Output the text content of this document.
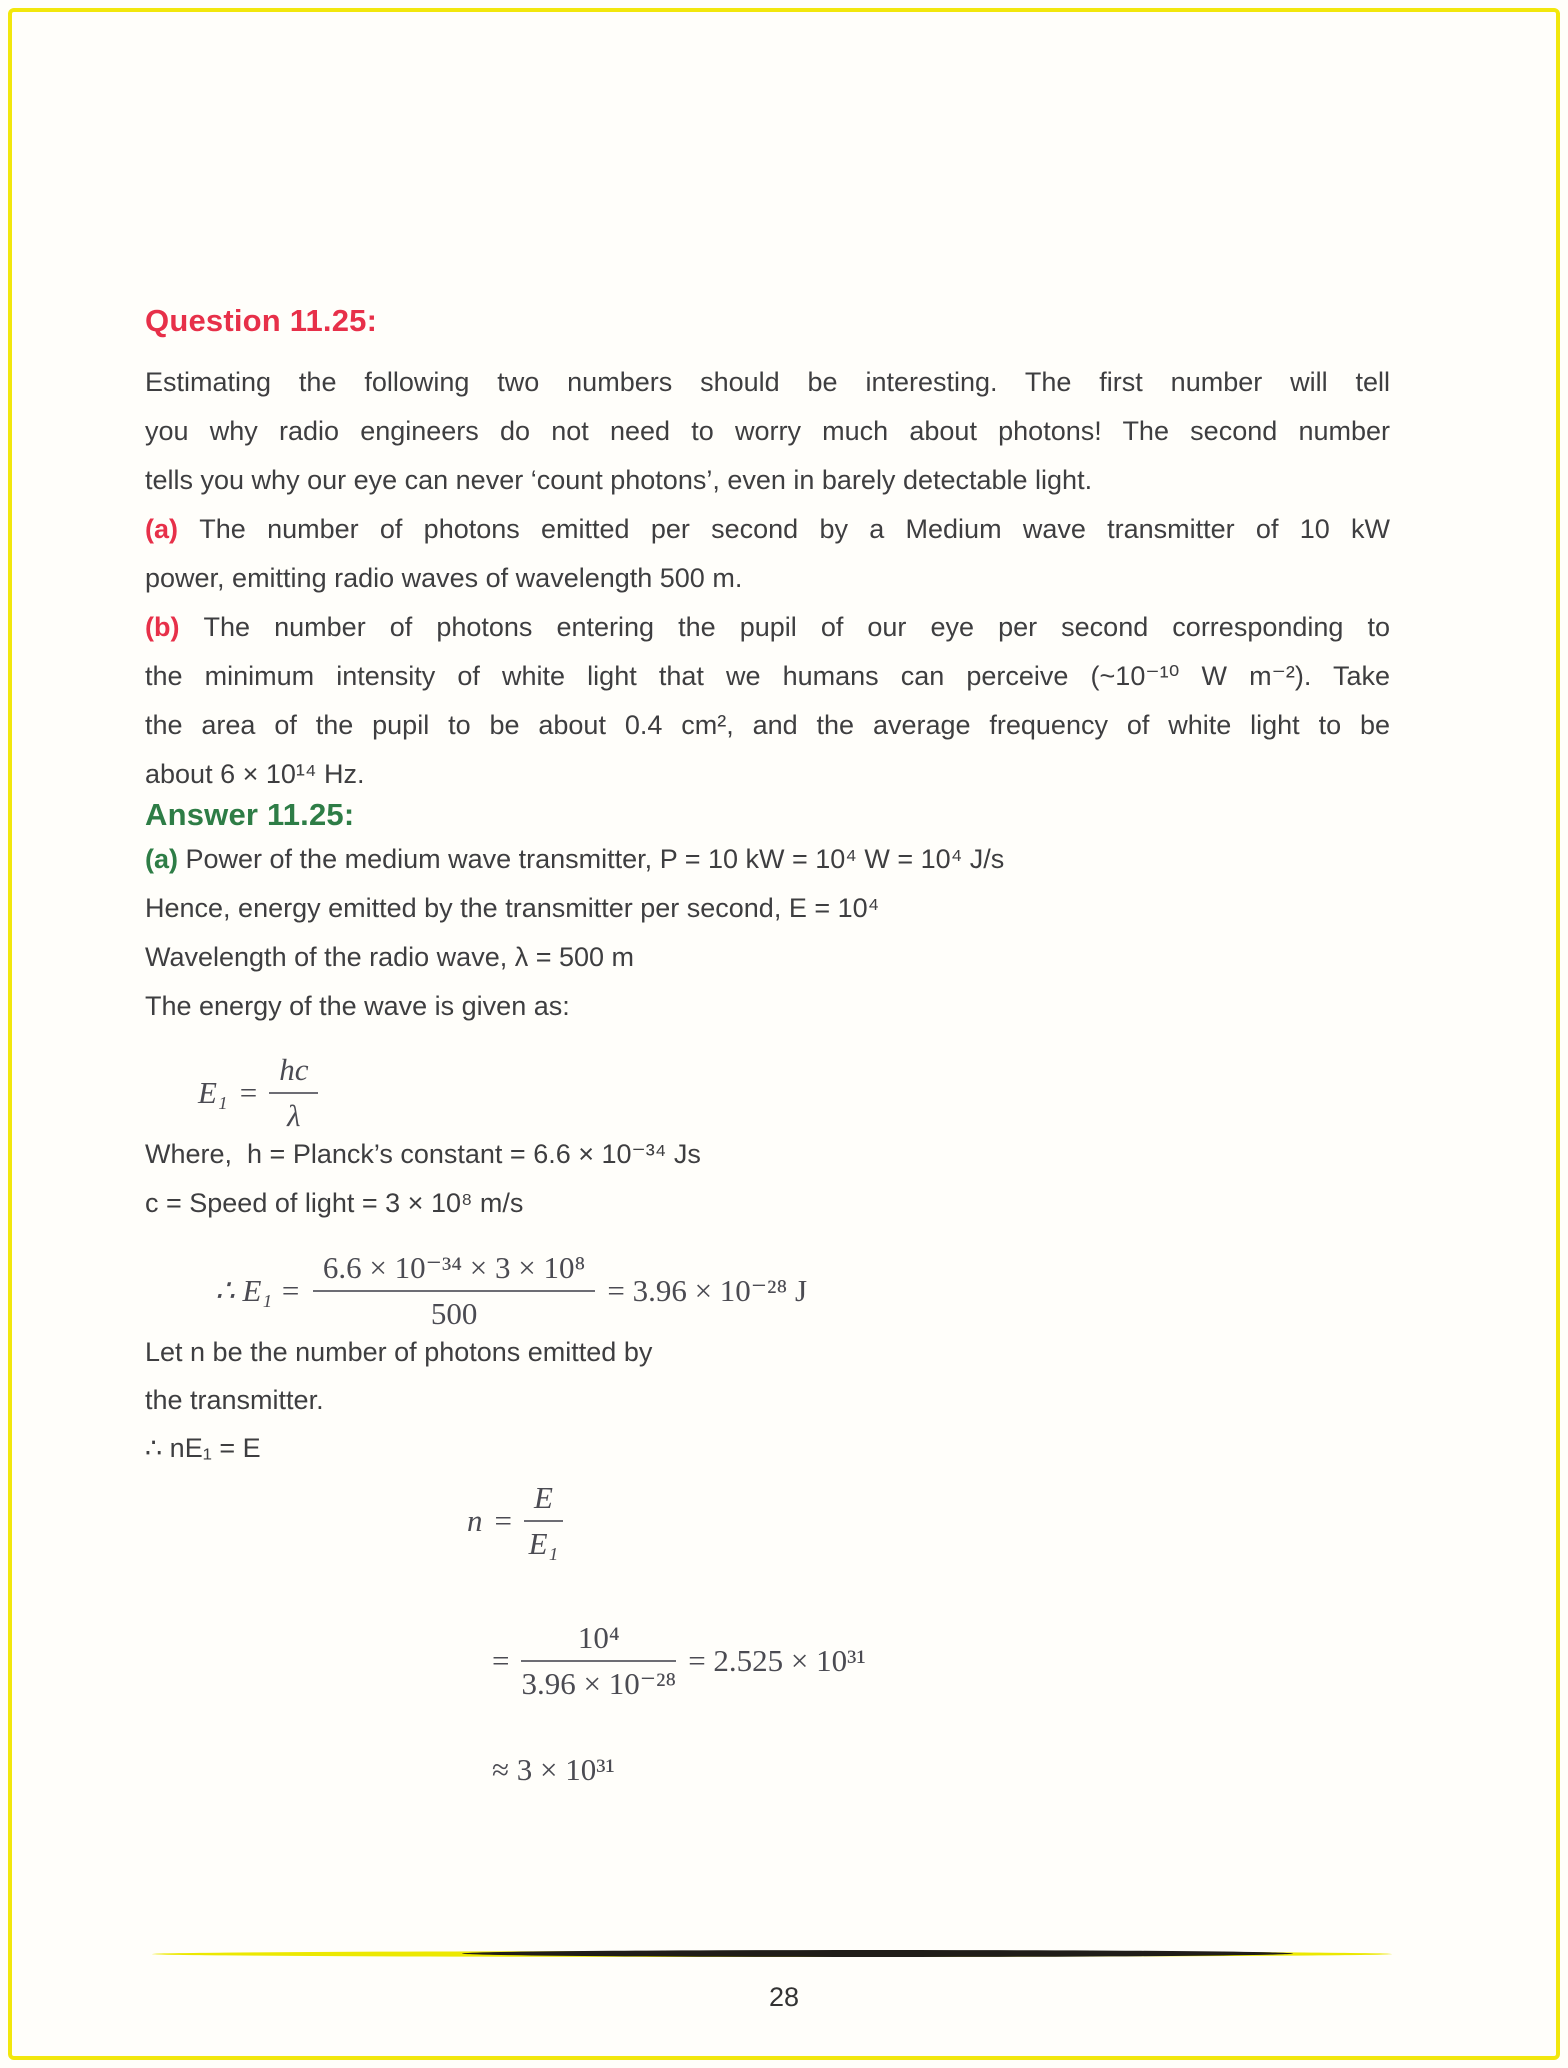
Question 11.25:
Estimating the following two numbers should be interesting. The first number will tell
you why radio engineers do not need to worry much about photons! The second number
tells you why our eye can never ‘count photons’, even in barely detectable light.
(a) The number of photons emitted per second by a Medium wave transmitter of 10 kW
power, emitting radio waves of wavelength 500 m.
(b) The number of photons entering the pupil of our eye per second corresponding to
the minimum intensity of white light that we humans can perceive (~10⁻¹⁰ W m⁻²). Take
the area of the pupil to be about 0.4 cm², and the average frequency of white light to be
about 6 × 10¹⁴ Hz.
Answer 11.25:
(a) Power of the medium wave transmitter, P = 10 kW = 10⁴ W = 10⁴ J/s
Hence, energy emitted by the transmitter per second, E = 10⁴
Wavelength of the radio wave, λ = 500 m
The energy of the wave is given as:
$E_1 = \frac{hc}{\lambda}$
Where,  h = Planck’s constant = 6.6 × 10⁻³⁴ Js
c = Speed of light = 3 × 10⁸ m/s
∴ $E_1 = \frac{\text{6.6 × 10⁻³⁴ × 3 × 10⁸}}{500} = 3.96 \times 10^{-28}$ J
Let n be the number of photons emitted by
the transmitter.
∴ nE₁ = E
$n = \frac{E}{\text{E₁}}$
= $\frac{\text{10⁴}}{\text{3.96 × 10⁻²⁸}} = 2.525 \times 10^{31}$
≈ 3 × 10³¹
28
